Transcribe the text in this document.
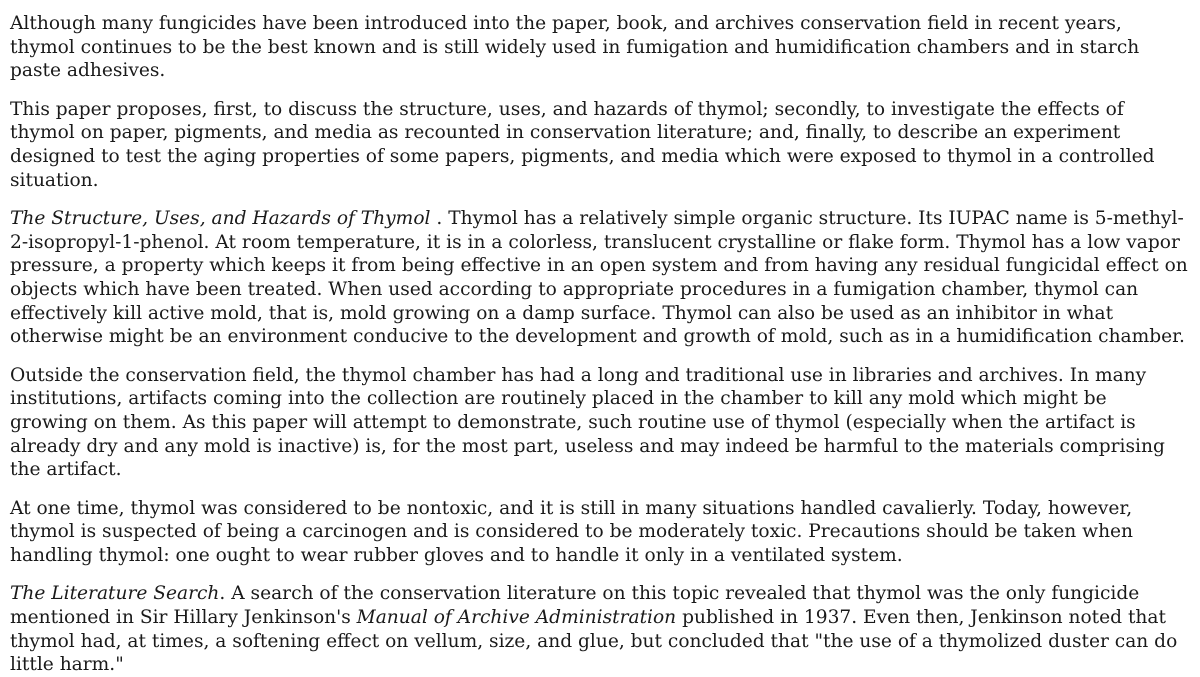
Although many fungicides have been introduced into the paper, book, and archives conservation field in recent years, thymol continues to be the best known and is still widely used in fumigation and humidification chambers and in starch paste adhesives.

This paper proposes, first, to discuss the structure, uses, and hazards of thymol; secondly, to investigate the effects of thymol on paper, pigments, and media as recounted in conservation literature; and, finally, to describe an experiment designed to test the aging properties of some papers, pigments, and media which were exposed to thymol in a controlled situation.

The Structure, Uses, and Hazards of Thymol . Thymol has a relatively simple organic structure. Its IUPAC name is 5-methyl-2-isopropyl-1-phenol. At room temperature, it is in a colorless, translucent crystalline or flake form. Thymol has a low vapor pressure, a property which keeps it from being effective in an open system and from having any residual fungicidal effect on objects which have been treated. When used according to appropriate procedures in a fumigation chamber, thymol can effectively kill active mold, that is, mold growing on a damp surface. Thymol can also be used as an inhibitor in what otherwise might be an environment conducive to the development and growth of mold, such as in a humidification chamber.

Outside the conservation field, the thymol chamber has had a long and traditional use in libraries and archives. In many institutions, artifacts coming into the collection are routinely placed in the chamber to kill any mold which might be growing on them. As this paper will attempt to demonstrate, such routine use of thymol (especially when the artifact is already dry and any mold is inactive) is, for the most part, useless and may indeed be harmful to the materials comprising the artifact.

At one time, thymol was considered to be nontoxic, and it is still in many situations handled cavalierly. Today, however, thymol is suspected of being a carcinogen and is considered to be moderately toxic. Precautions should be taken when handling thymol: one ought to wear rubber gloves and to handle it only in a ventilated system.

The Literature Search. A search of the conservation literature on this topic revealed that thymol was the only fungicide mentioned in Sir Hillary Jenkinson's Manual of Archive Administration published in 1937. Even then, Jenkinson noted that thymol had, at times, a softening effect on vellum, size, and glue, but concluded that "the use of a thymolized duster can do little harm."
